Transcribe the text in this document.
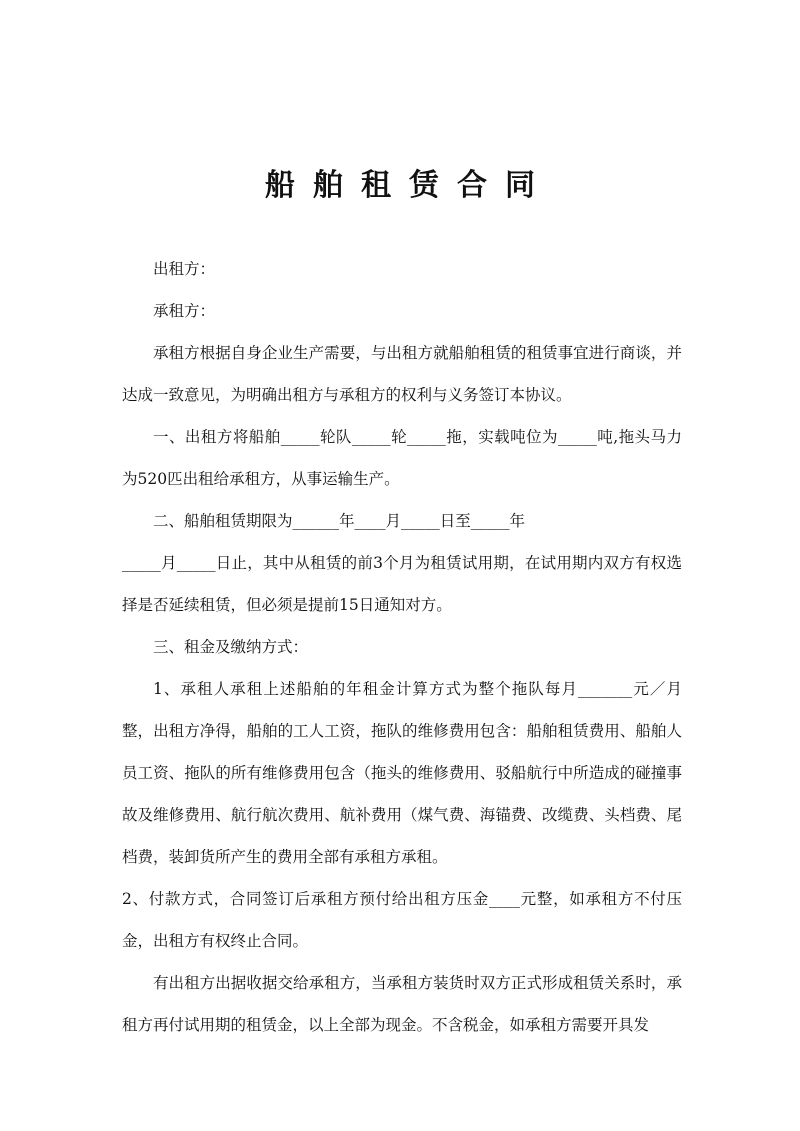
船舶租赁合同

出租方：

承租方：

承租方根据自身企业生产需要，与出租方就船舶租赁的租赁事宜进行商谈，并达成一致意见，为明确出租方与承租方的权利与义务签订本协议。

一、出租方将船舶_____轮队_____轮_____拖，实载吨位为_____吨,拖头马力为520匹出租给承租方，从事运输生产。

二、船舶租赁期限为______年____月_____日至_____年

_____月_____日止，其中从租赁的前3个月为租赁试用期，在试用期内双方有权选择是否延续租赁，但必须是提前15日通知对方。

三、租金及缴纳方式：

1、承租人承租上述船舶的年租金计算方式为整个拖队每月_______元／月整，出租方净得，船舶的工人工资，拖队的维修费用包含：船舶租赁费用、船舶人员工资、拖队的所有维修费用包含（拖头的维修费用、驳船航行中所造成的碰撞事故及维修费用、航行航次费用、航补费用（煤气费、海锚费、改缆费、头档费、尾档费，装卸货所产生的费用全部有承租方承租。

2、付款方式，合同签订后承租方预付给出租方压金____元整，如承租方不付压金，出租方有权终止合同。

有出租方出据收据交给承租方，当承租方装货时双方正式形成租赁关系时，承租方再付试用期的租赁金，以上全部为现金。不含税金，如承租方需要开具发
